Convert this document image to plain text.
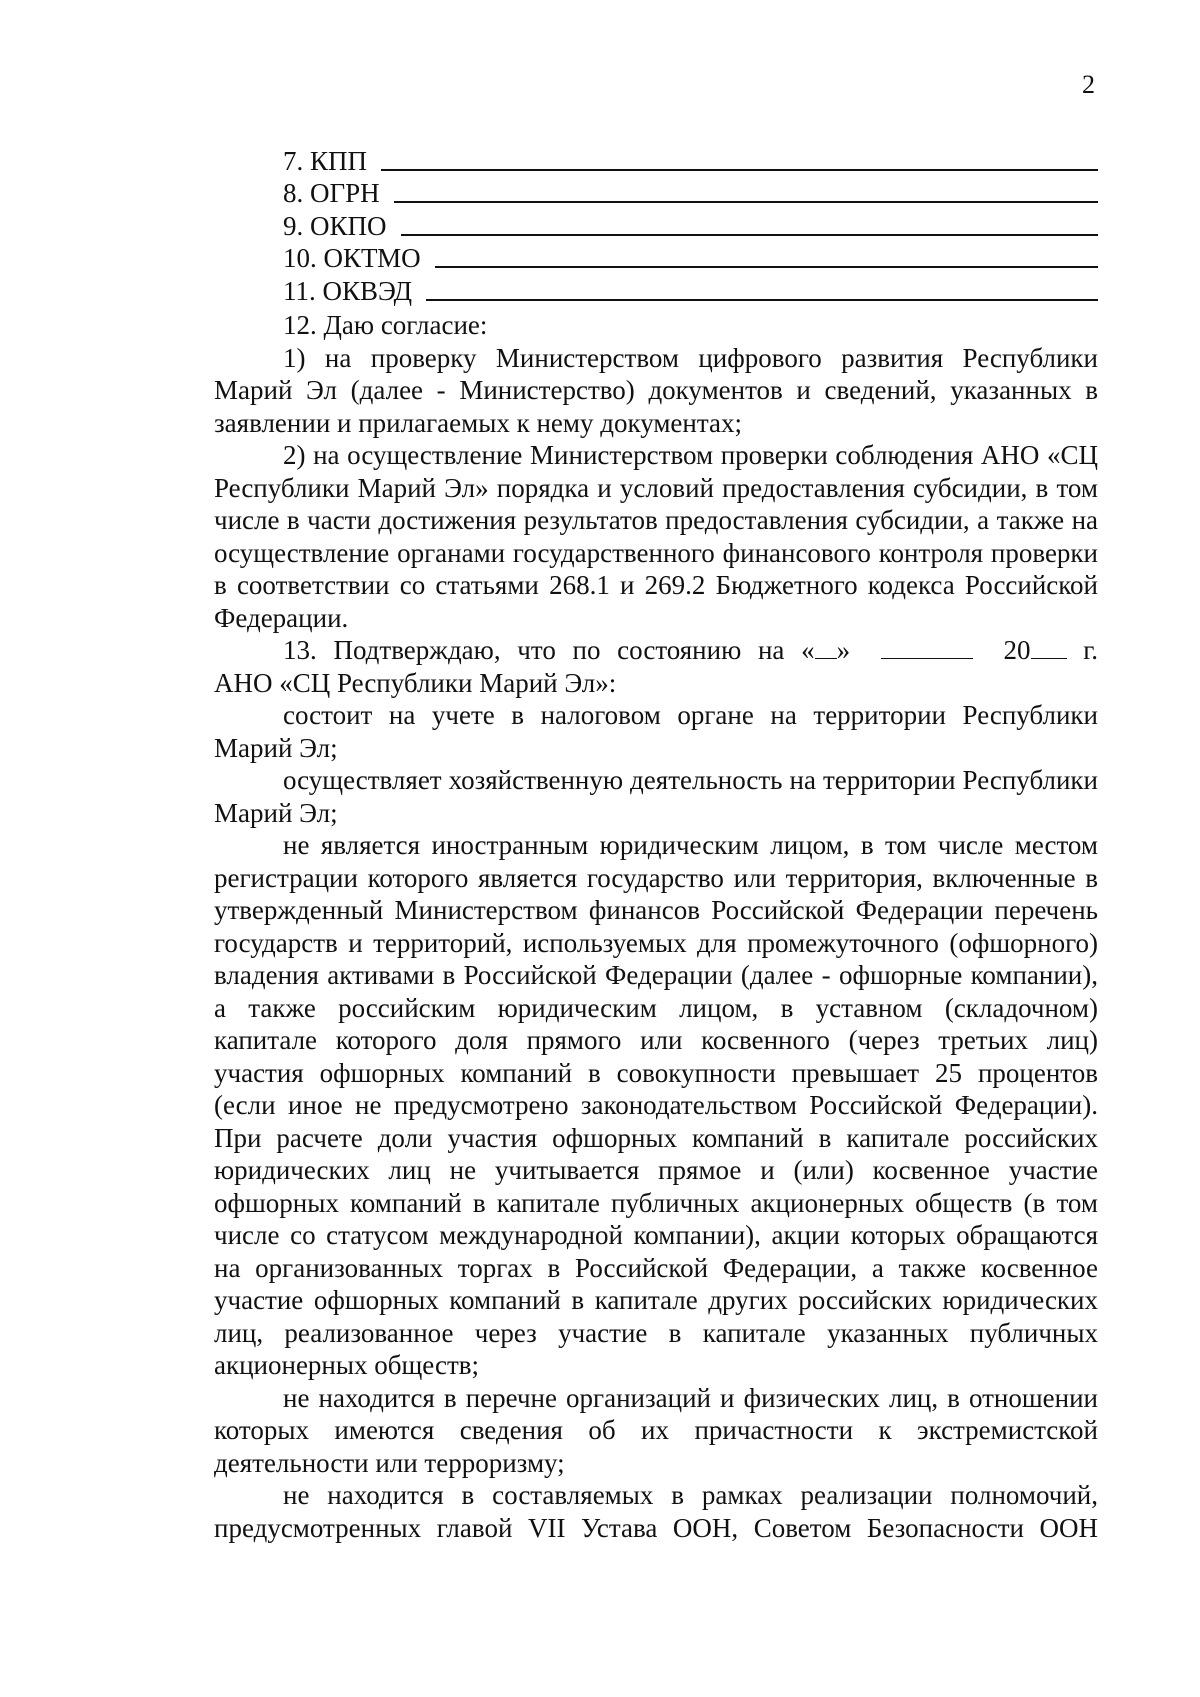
2
7. КПП
8. ОГРН
9. ОКПО
10. ОКТМО
11. ОКВЭД

12. Даю согласие:

1) на проверку Министерством цифрового развития Республики Марий Эл (далее - Министерство) документов и сведений, указанных в заявлении и прилагаемых к нему документах;

2) на осуществление Министерством проверки соблюдения АНО «СЦ Республики Марий Эл» порядка и условий предоставления субсидии, в том числе в части достижения результатов предоставления субсидии, а также на осуществление органами государственного финансового контроля проверки в соответствии со статьями 268.1 и 269.2 Бюджетного кодекса Российской Федерации.

13. Подтверждаю, что по состоянию на « »	20 г.

АНО «СЦ Республики Марий Эл»:

состоит на учете в налоговом органе на территории Республики Марий Эл;

осуществляет хозяйственную деятельность на территории Республики Марий Эл;

не является иностранным юридическим лицом, в том числе местом регистрации которого является государство или территория, включенные в утвержденный Министерством финансов Российской Федерации перечень государств и территорий, используемых для промежуточного (офшорного) владения активами в Российской Федерации (далее - офшорные компании), а также российским юридическим лицом, в уставном (складочном) капитале которого доля прямого или косвенного (через третьих лиц) участия офшорных компаний в совокупности превышает 25 процентов (если иное не предусмотрено законодательством Российской Федерации). При расчете доли участия офшорных компаний в капитале российских юридических лиц не учитывается прямое и (или) косвенное участие офшорных компаний в капитале публичных акционерных обществ (в том числе со статусом международной компании), акции которых обращаются на организованных торгах в Российской Федерации, а также косвенное участие офшорных компаний в капитале других российских юридических лиц, реализованное через участие в капитале указанных публичных акционерных обществ;

не находится в перечне организаций и физических лиц, в отношении которых имеются сведения об их причастности к экстремистской деятельности или терроризму;

не находится в составляемых в рамках реализации полномочий, предусмотренных главой VII Устава ООН, Советом Безопасности ООН
